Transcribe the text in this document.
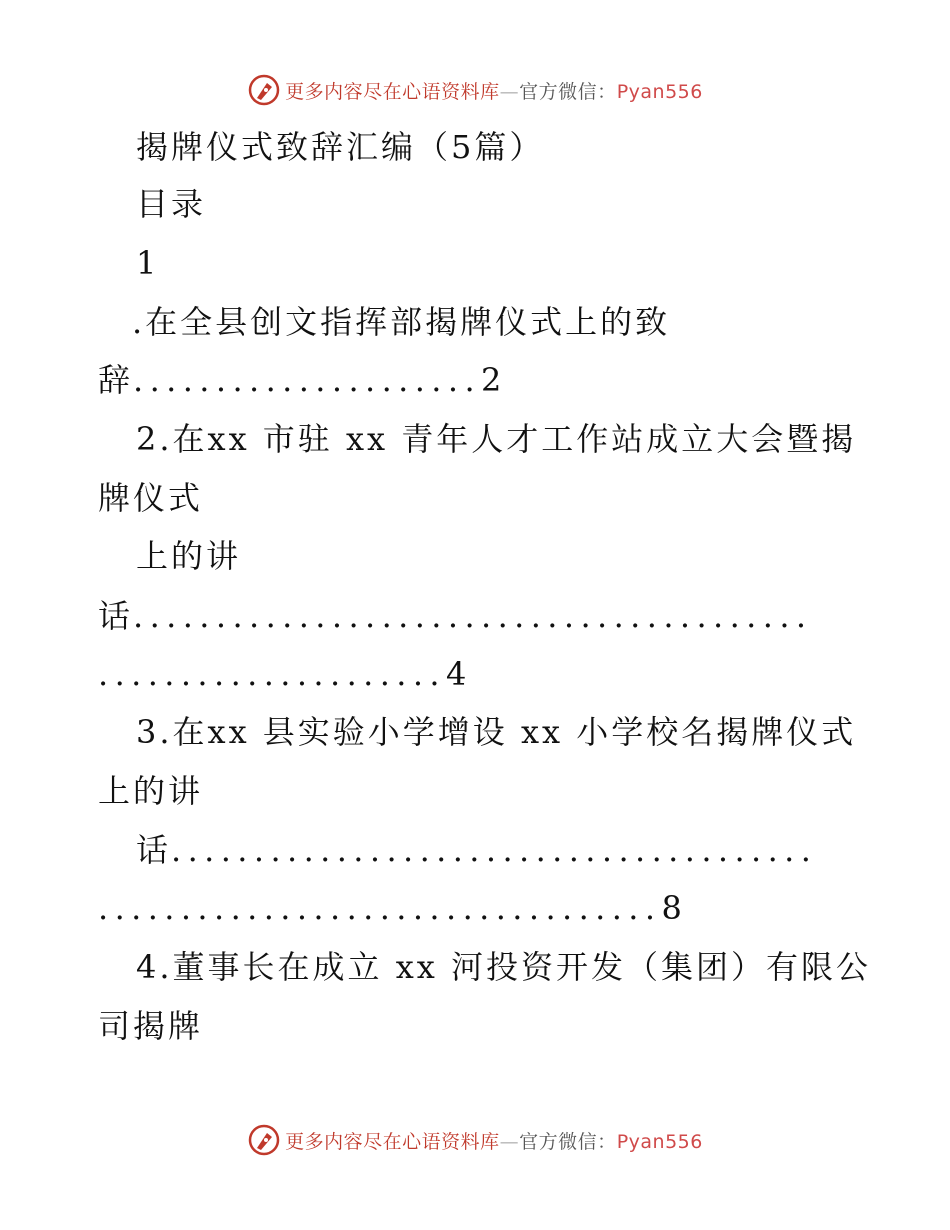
更多内容尽在心语资料库—官方微信：Pyan556
揭牌仪式致辞汇编（5篇）
目录
1
.在全县创文指挥部揭牌仪式上的致
辞.....................2
2.在xx 市驻 xx 青年人才工作站成立大会暨揭
牌仪式
上的讲
话.........................................
.....................4
3.在xx 县实验小学增设 xx 小学校名揭牌仪式
上的讲
话.......................................
..................................8
4.董事长在成立 xx 河投资开发（集团）有限公
司揭牌
更多内容尽在心语资料库—官方微信：Pyan556
